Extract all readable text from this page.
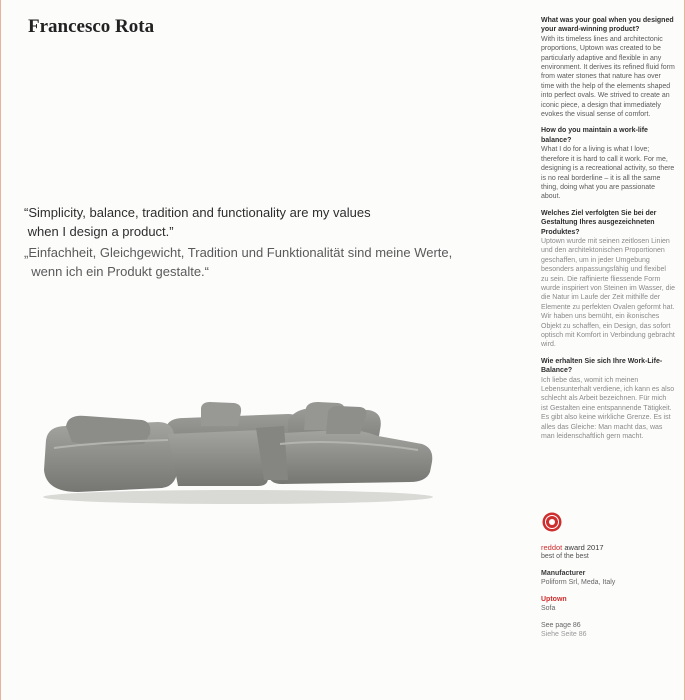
Francesco Rota

“Simplicity, balance, tradition and functionality are my values
when I design a product.”

„Einfachheit, Gleichgewicht, Tradition und Funktionalität sind meine Werte,
wenn ich ein Produkt gestalte.“

What was your goal when you designed your award-winning product?
With its timeless lines and architectonic proportions, Uptown was created to be particularly adaptive and flexible in any environment. It derives its refined fluid form from water stones that nature has over time with the help of the elements shaped into perfect ovals. We strived to create an iconic piece, a design that immediately evokes the visual sense of comfort.
How do you maintain a work-life balance?
What I do for a living is what I love; therefore it is hard to call it work. For me, designing is a recreational activity, so there is no real borderline – it is all the same thing, doing what you are passionate about.
Welches Ziel verfolgten Sie bei der Gestaltung Ihres ausgezeichneten Produktes?
Uptown wurde mit seinen zeitlosen Linien und den architektonischen Proportionen geschaffen, um in jeder Umgebung besonders anpassungsfähig und flexibel zu sein. Die raffinierte fliessende Form wurde inspiriert von Steinen im Wasser, die die Natur im Laufe der Zeit mithilfe der Elemente zu perfekten Ovalen geformt hat. Wir haben uns bemüht, ein ikonisches Objekt zu schaffen, ein Design, das sofort optisch mit Komfort in Verbindung gebracht wird.
Wie erhalten Sie sich Ihre Work-Life-Balance?
Ich liebe das, womit ich meinen Lebensunterhalt verdiene, ich kann es also schlecht als Arbeit bezeichnen. Für mich ist Gestalten eine entspannende Tätigkeit. Es gibt also keine wirkliche Grenze. Es ist alles das Gleiche: Man macht das, was man leidenschaftlich gern macht.
reddot award 2017
best of the best
Manufacturer
Poliform Srl, Meda, Italy
Uptown
Sofa
See page 86
Siehe Seite 86
